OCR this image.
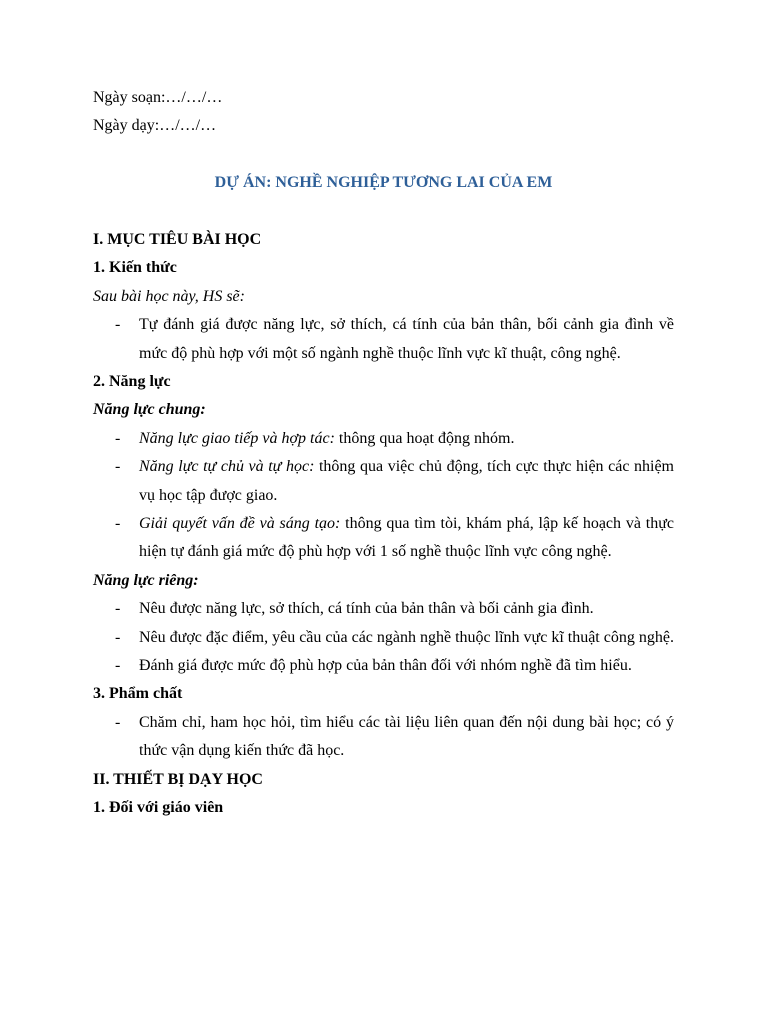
Ngày soạn:…/…/…
Ngày dạy:…/…/…
DỰ ÁN: NGHỀ NGHIỆP TƯƠNG LAI CỦA EM
I. MỤC TIÊU BÀI HỌC
1. Kiến thức
Sau bài học này, HS sẽ:
- Tự đánh giá được năng lực, sở thích, cá tính của bản thân, bối cảnh gia đình về mức độ phù hợp với một số ngành nghề thuộc lĩnh vực kĩ thuật, công nghệ.
2. Năng lực
Năng lực chung:
- Năng lực giao tiếp và hợp tác: thông qua hoạt động nhóm.
- Năng lực tự chủ và tự học: thông qua việc chủ động, tích cực thực hiện các nhiệm vụ học tập được giao.
- Giải quyết vấn đề và sáng tạo: thông qua tìm tòi, khám phá, lập kế hoạch và thực hiện tự đánh giá mức độ phù hợp với 1 số nghề thuộc lĩnh vực công nghệ.
Năng lực riêng:
- Nêu được năng lực, sở thích, cá tính của bản thân và bối cảnh gia đình.
- Nêu được đặc điểm, yêu cầu của các ngành nghề thuộc lĩnh vực kĩ thuật công nghệ.
- Đánh giá được mức độ phù hợp của bản thân đối với nhóm nghề đã tìm hiểu.
3. Phẩm chất
- Chăm chỉ, ham học hỏi, tìm hiểu các tài liệu liên quan đến nội dung bài học; có ý thức vận dụng kiến thức đã học.
II. THIẾT BỊ DẠY HỌC
1. Đối với giáo viên
